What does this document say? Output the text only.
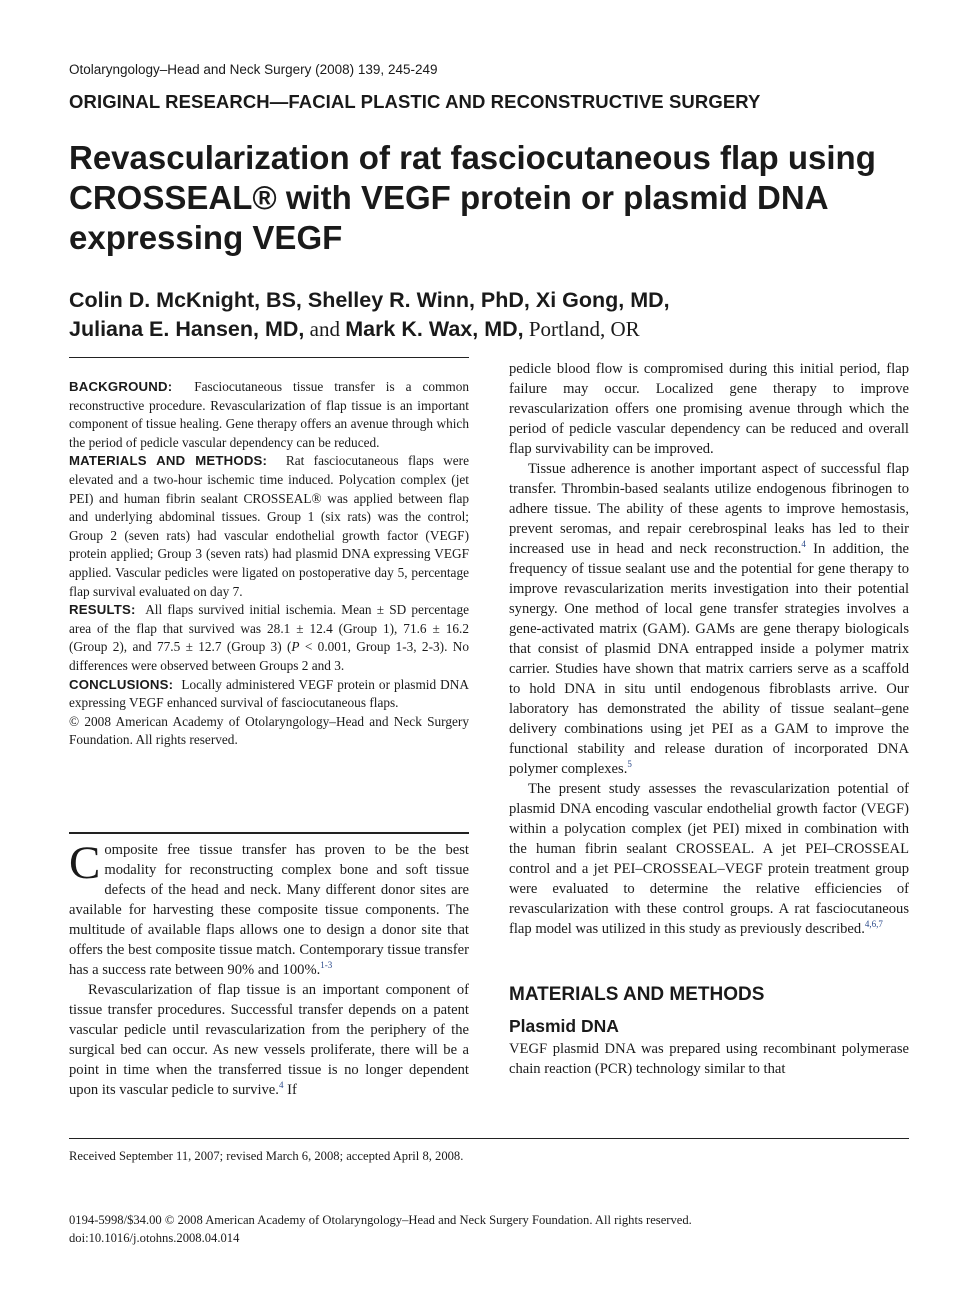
Otolaryngology–Head and Neck Surgery (2008) 139, 245-249
ORIGINAL RESEARCH—FACIAL PLASTIC AND RECONSTRUCTIVE SURGERY
Revascularization of rat fasciocutaneous flap using CROSSEAL® with VEGF protein or plasmid DNA expressing VEGF
Colin D. McKnight, BS, Shelley R. Winn, PhD, Xi Gong, MD,
Juliana E. Hansen, MD, and Mark K. Wax, MD, Portland, OR

BACKGROUND: Fasciocutaneous tissue transfer is a common reconstructive procedure. Revascularization of flap tissue is an important component of tissue healing. Gene therapy offers an avenue through which the period of pedicle vascular dependency can be reduced.

MATERIALS AND METHODS: Rat fasciocutaneous flaps were elevated and a two-hour ischemic time induced. Polycation complex (jet PEI) and human fibrin sealant CROSSEAL® was applied between flap and underlying abdominal tissues. Group 1 (six rats) was the control; Group 2 (seven rats) had vascular endothelial growth factor (VEGF) protein applied; Group 3 (seven rats) had plasmid DNA expressing VEGF applied. Vascular pedicles were ligated on postoperative day 5, percentage flap survival evaluated on day 7.

RESULTS: All flaps survived initial ischemia. Mean ± SD percentage area of the flap that survived was 28.1 ± 12.4 (Group 1), 71.6 ± 16.2 (Group 2), and 77.5 ± 12.7 (Group 3) (P < 0.001, Group 1-3, 2-3). No differences were observed between Groups 2 and 3.

CONCLUSIONS: Locally administered VEGF protein or plasmid DNA expressing VEGF enhanced survival of fasciocutaneous flaps.

© 2008 American Academy of Otolaryngology–Head and Neck Surgery Foundation. All rights reserved.

Composite free tissue transfer has proven to be the best modality for reconstructing complex bone and soft tissue defects of the head and neck. Many different donor sites are available for harvesting these composite tissue components. The multitude of available flaps allows one to design a donor site that offers the best composite tissue match. Contemporary tissue transfer has a success rate between 90% and 100%.$^{1-3}$

Revascularization of flap tissue is an important component of tissue transfer procedures. Successful transfer depends on a patent vascular pedicle until revascularization from the periphery of the surgical bed can occur. As new vessels proliferate, there will be a point in time when the transferred tissue is no longer dependent upon its vascular pedicle to survive.$^4$ If

pedicle blood flow is compromised during this initial period, flap failure may occur. Localized gene therapy to improve revascularization offers one promising avenue through which the period of pedicle vascular dependency can be reduced and overall flap survivability can be improved.

Tissue adherence is another important aspect of successful flap transfer. Thrombin-based sealants utilize endogenous fibrinogen to adhere tissue. The ability of these agents to improve hemostasis, prevent seromas, and repair cerebrospinal leaks has led to their increased use in head and neck reconstruction.$^4$ In addition, the frequency of tissue sealant use and the potential for gene therapy to improve revascularization merits investigation into their potential synergy. One method of local gene transfer strategies involves a gene-activated matrix (GAM). GAMs are gene therapy biologicals that consist of plasmid DNA entrapped inside a polymer matrix carrier. Studies have shown that matrix carriers serve as a scaffold to hold DNA in situ until endogenous fibroblasts arrive. Our laboratory has demonstrated the ability of tissue sealant–gene delivery combinations using jet PEI as a GAM to improve the functional stability and release duration of incorporated DNA polymer complexes.$^5$

The present study assesses the revascularization potential of plasmid DNA encoding vascular endothelial growth factor (VEGF) within a polycation complex (jet PEI) mixed in combination with the human fibrin sealant CROSSEAL. A jet PEI–CROSSEAL control and a jet PEI–CROSSEAL–VEGF protein treatment group were evaluated to determine the relative efficiencies of revascularization with these control groups. A rat fasciocutaneous flap model was utilized in this study as previously described.$^{4,6,7}$

MATERIALS AND METHODS
Plasmid DNA

VEGF plasmid DNA was prepared using recombinant polymerase chain reaction (PCR) technology similar to that

Received September 11, 2007; revised March 6, 2008; accepted April 8, 2008.
0194-5998/$34.00 © 2008 American Academy of Otolaryngology–Head and Neck Surgery Foundation. All rights reserved.
doi:10.1016/j.otohns.2008.04.014
